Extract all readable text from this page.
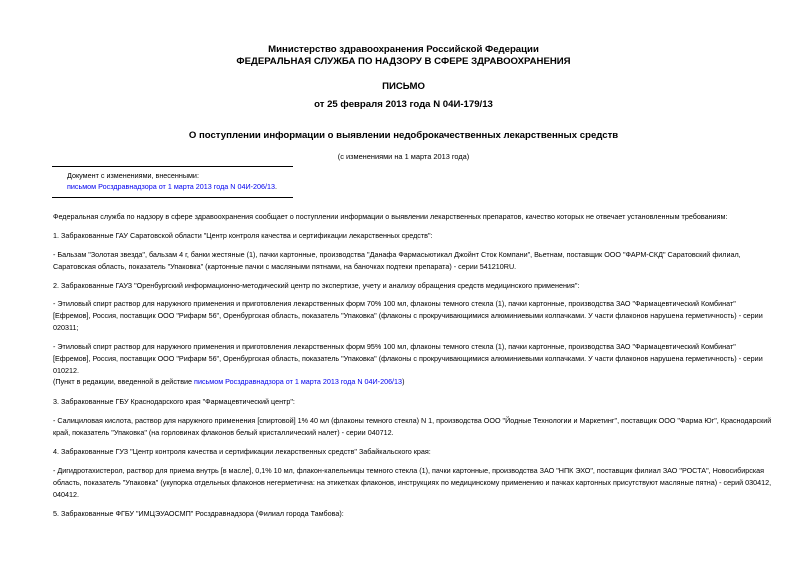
Министерство здравоохранения Российской Федерации
ФЕДЕРАЛЬНАЯ СЛУЖБА ПО НАДЗОРУ В СФЕРЕ ЗДРАВООХРАНЕНИЯ
ПИСЬМО
от 25 февраля 2013 года N 04И-179/13
О поступлении информации о выявлении недоброкачественных лекарственных средств
(с изменениями на 1 марта 2013 года)
Документ с изменениями, внесенными:
письмом Росздравнадзора от 1 марта 2013 года N 04И-206/13.
Федеральная служба по надзору в сфере здравоохранения сообщает о поступлении информации о выявлении лекарственных препаратов, качество которых не отвечает установленным требованиям:
1. Забракованные ГАУ Саратовской области "Центр контроля качества и сертификации лекарственных средств":
- Бальзам "Золотая звезда", бальзам 4 г, банки жестяные (1), пачки картонные, производства "Данафа Фармасьютикал Джойнт Сток Компани", Вьетнам, поставщик ООО "ФАРМ-СКД" Саратовский филиал,
Саратовская область, показатель "Упаковка" (картонные пачки с масляными пятнами, на баночках подтеки препарата) - серии 541210RU.
2. Забракованные ГАУЗ "Оренбургский информационно-методический центр по экспертизе, учету и анализу обращения средств медицинского применения":
- Этиловый спирт раствор для наружного применения и приготовления лекарственных форм 70% 100 мл, флаконы темного стекла (1), пачки картонные, производства ЗАО "Фармацевтический Комбинат"
[Ефремов], Россия, поставщик ООО "Рифарм 56", Оренбургская область, показатель "Упаковка" (флаконы с прокручивающимися алюминиевыми колпачками. У части флаконов нарушена герметичность) - серии
020311;
- Этиловый спирт раствор для наружного применения и приготовления лекарственных форм 95% 100 мл, флаконы темного стекла (1), пачки картонные, производства ЗАО "Фармацевтический Комбинат"
[Ефремов], Россия, поставщик ООО "Рифарм 56", Оренбургская область, показатель "Упаковка" (флаконы с прокручивающимися алюминиевыми колпачками. У части флаконов нарушена герметичность) - серии
010212.
(Пункт в редакции, введенной в действие письмом Росздравнадзора от 1 марта 2013 года N 04И-206/13)
3. Забракованные ГБУ Краснодарского края "Фармацевтический центр":
- Салициловая кислота, раствор для наружного применения [спиртовой] 1% 40 мл (флаконы темного стекла) N 1, производства ООО "Йодные Технологии и Маркетинг", поставщик ООО "Фарма Юг", Краснодарский
край, показатель "Упаковка" (на горловинах флаконов белый кристаллический налет) - серии 040712.
4. Забракованные ГУЗ "Центр контроля качества и сертификации лекарственных средств" Забайкальского края:
- Дигидротахистерол, раствор для приема внутрь [в масле], 0,1% 10 мл, флакон-капельницы темного стекла (1), пачки картонные, производства ЗАО "НПК ЭХО", поставщик филиал ЗАО "РОСТА", Новосибирская
область, показатель "Упаковка" (укупорка отдельных флаконов негерметична: на этикетках флаконов, инструкциях по медицинскому применению и пачках картонных присутствуют масляные пятна) - серий 030412,
040412.
5. Забракованные ФГБУ "ИМЦЭУАОСМП" Росздравнадзора (Филиал города Тамбова):
